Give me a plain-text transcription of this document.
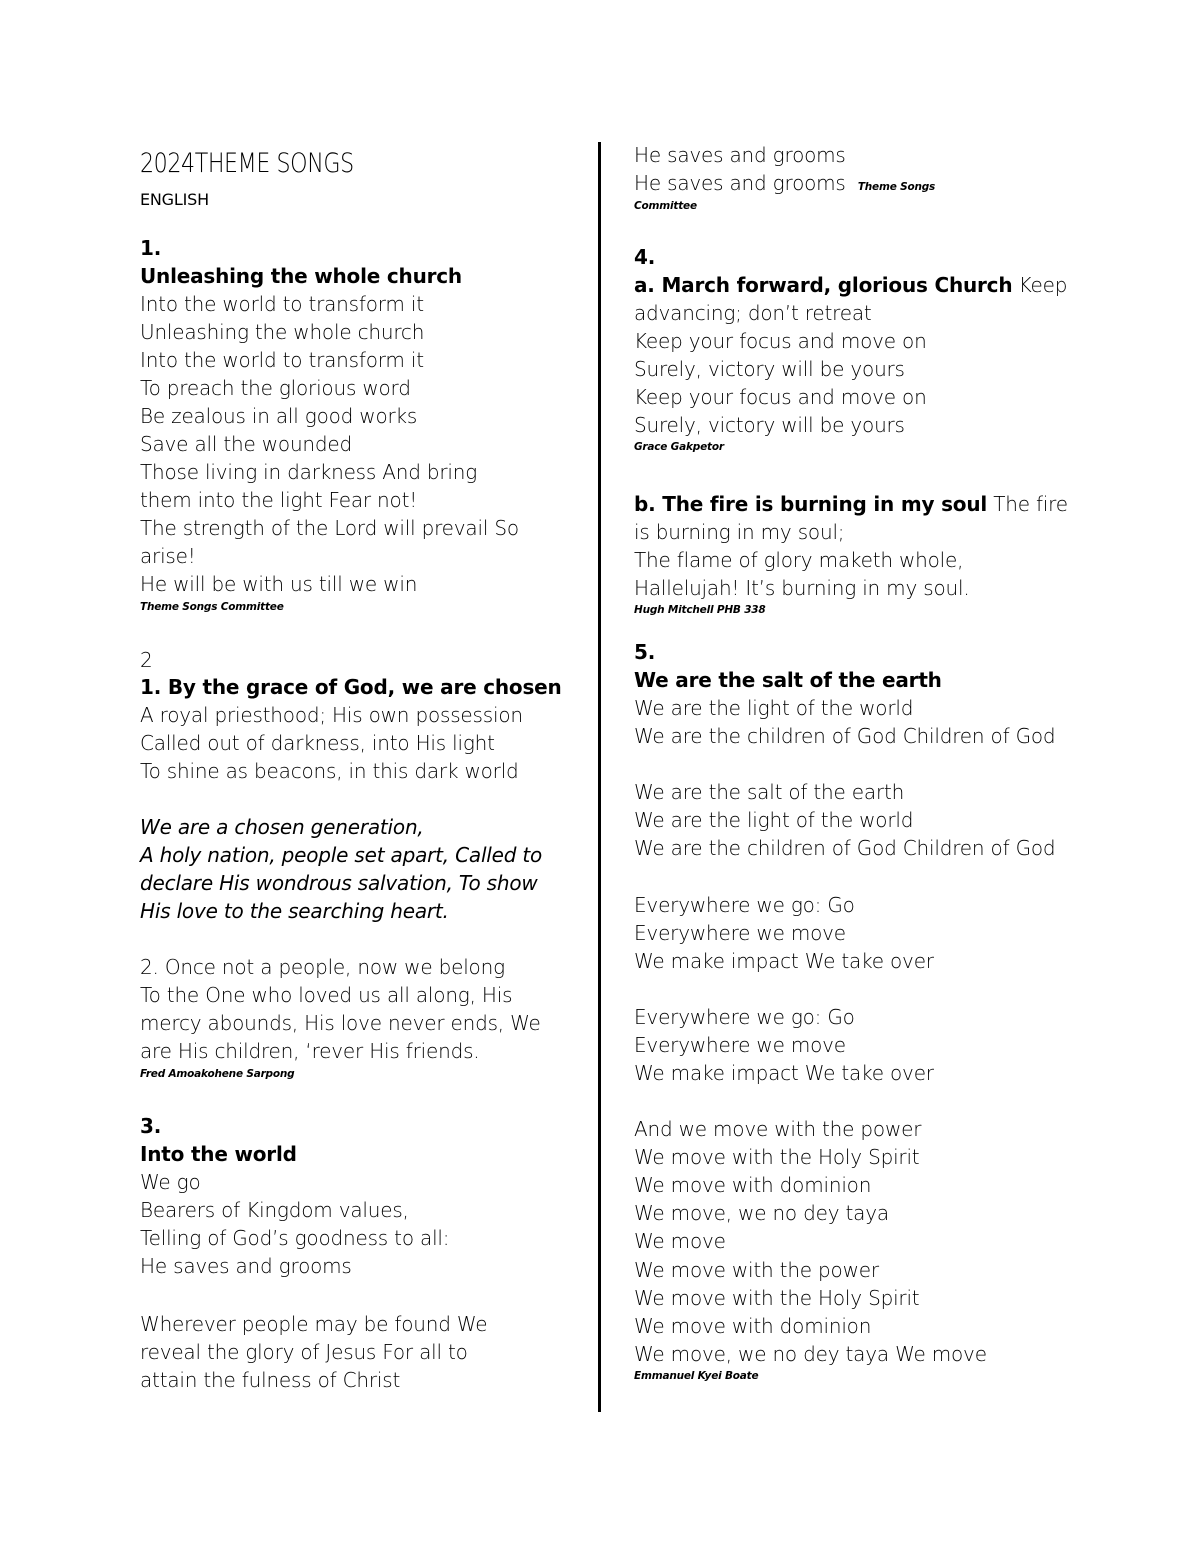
2024THEME SONGS
ENGLISH
1.
Unleashing the whole church
Into the world to transform it
Unleashing the whole church
Into the world to transform it
To preach the glorious word
Be zealous in all good works
Save all the wounded
Those living in darkness And bring
them into the light Fear not!
The strength of the Lord will prevail So
arise!
He will be with us till we win
Theme Songs Committee
2
1. By the grace of God, we are chosen
A royal priesthood; His own possession
Called out of darkness, into His light
To shine as beacons, in this dark world
We are a chosen generation,
A holy nation, people set apart, Called to
declare His wondrous salvation, To show
His love to the searching heart.
2. Once not a people, now we belong
To the One who loved us all along, His
mercy abounds, His love never ends, We
are His children, ‘rever His friends.
Fred Amoakohene Sarpong
3.
Into the world
We go
Bearers of Kingdom values,
Telling of God’s goodness to all:
He saves and grooms
Wherever people may be found We
reveal the glory of Jesus For all to
attain the fulness of Christ
He saves and grooms
He saves and grooms Theme Songs
Committee
4.
a. March forward, glorious Church Keep
advancing; don’t retreat
Keep your focus and move on
Surely, victory will be yours
Keep your focus and move on
Surely, victory will be yours
Grace Gakpetor
b. The fire is burning in my soul The fire
is burning in my soul;
The flame of glory maketh whole,
Hallelujah! It’s burning in my soul.
Hugh Mitchell PHB 338
5.
We are the salt of the earth
We are the light of the world
We are the children of God Children of God
We are the salt of the earth
We are the light of the world
We are the children of God Children of God
Everywhere we go: Go
Everywhere we move
We make impact We take over
Everywhere we go: Go
Everywhere we move
We make impact We take over
And we move with the power
We move with the Holy Spirit
We move with dominion
We move, we no dey taya
We move
We move with the power
We move with the Holy Spirit
We move with dominion
We move, we no dey taya We move
Emmanuel Kyei Boate
